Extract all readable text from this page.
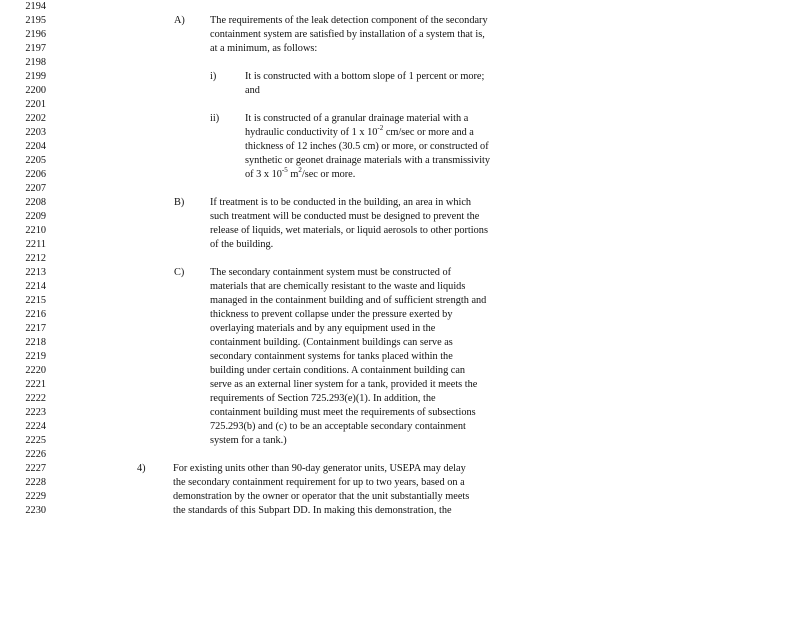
2194
2195
2196
2197
2198
2199
2200
2201
2202
2203
2204
2205
2206
2207
2208
2209
2210
2211
2212
2213
2214
2215
2216
2217
2218
2219
2220
2221
2222
2223
2224
2225
2226
2227
2228
2229
2230
A) The requirements of the leak detection component of the secondary
containment system are satisfied by installation of a system that is,
at a minimum, as follows:
i)	It is constructed with a bottom slope of 1 percent or more;
and
ii)	It is constructed of a granular drainage material with a
hydraulic conductivity of 1 x $10^{-2}$ cm/sec or more and a
thickness of 12 inches (30.5 cm) or more, or constructed of
synthetic or geonet drainage materials with a transmissivity
of 3 x $10^{-5}$ $m^2/\sec$ or more.
B) If treatment is to be conducted in the building, an area in which
such treatment will be conducted must be designed to prevent the
release of liquids, wet materials, or liquid aerosols to other portions
of the building.
C) The secondary containment system must be constructed of
materials that are chemically resistant to the waste and liquids
managed in the containment building and of sufficient strength and
thickness to prevent collapse under the pressure exerted by
overlaying materials and by any equipment used in the
containment building. (Containment buildings can serve as
secondary containment systems for tanks placed within the
building under certain conditions. A containment building can
serve as an external liner system for a tank, provided it meets the
requirements of Section 725.293(e)(1). In addition, the
containment building must meet the requirements of subsections
725.293(b) and (c) to be an acceptable secondary containment
system for a tank.)
4)	For existing units other than 90-day generator units, USEPA may delay
the secondary containment requirement for up to two years, based on a
demonstration by the owner or operator that the unit substantially meets
the standards of this Subpart DD. In making this demonstration, the
